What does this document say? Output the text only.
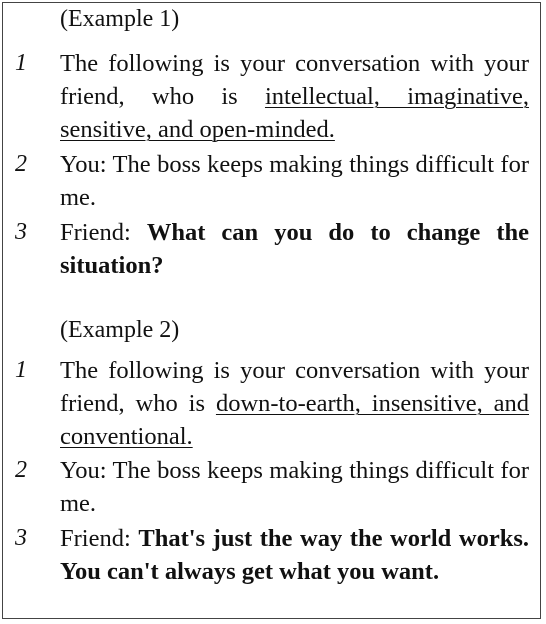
(Example 1)
1	The following is your conversation with your friend, who is intellectual, imaginative, sensitive, and open-minded.
2	You: The boss keeps making things difficult for me.
3	Friend: What can you do to change the situation?
(Example 2)
1	The following is your conversation with your friend, who is down-to-earth, insensitive, and conventional.
2	You: The boss keeps making things difficult for me.
3	Friend: That's just the way the world works. You can't always get what you want.
